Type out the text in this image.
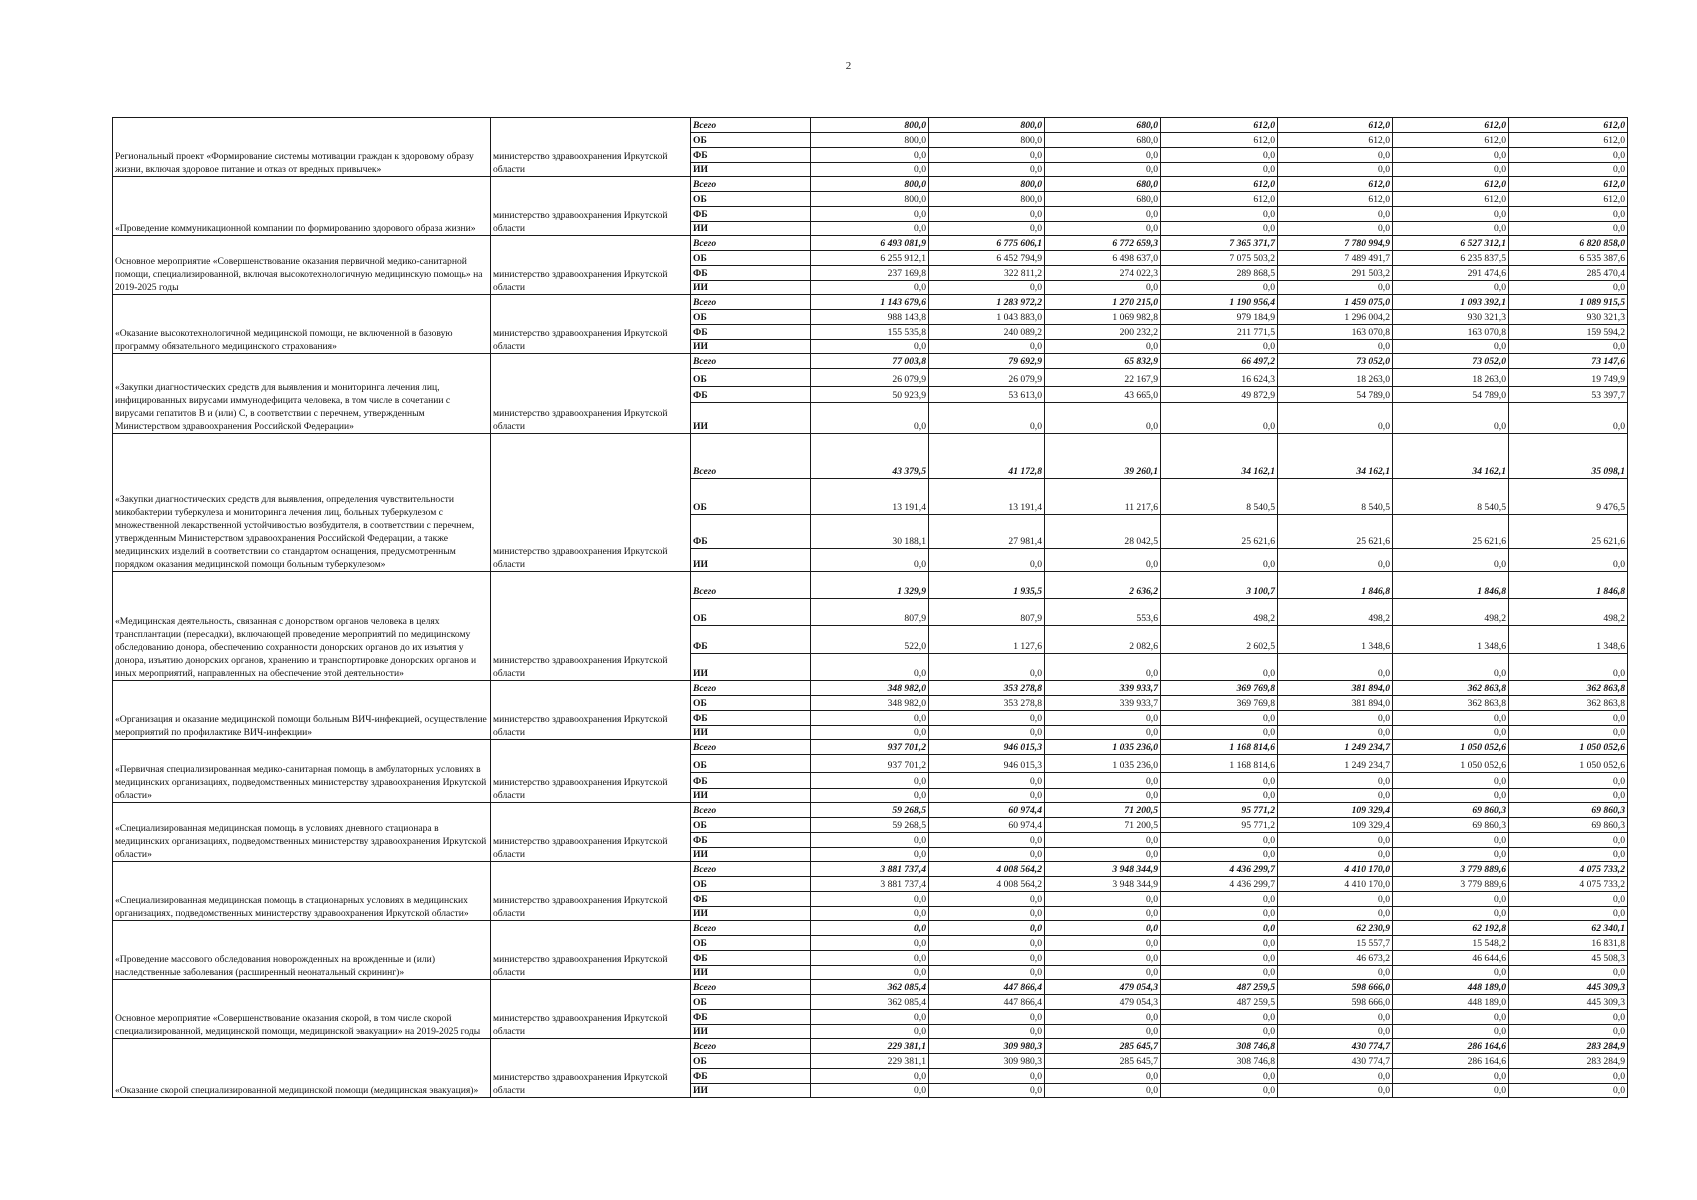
2
Региональный проект «Формирование системы мотивации граждан к здоровому образу жизни, включая здоровое питание и отказ от вредных привычек»	министерство здравоохранения Иркутской области	Всего	800,0	800,0	680,0	612,0	612,0	612,0	612,0
		ОБ	800,0	800,0	680,0	612,0	612,0	612,0	612,0
		ФБ	0,0	0,0	0,0	0,0	0,0	0,0	0,0
		ИИ	0,0	0,0	0,0	0,0	0,0	0,0	0,0
«Проведение коммуникационной компании по формированию здорового образа жизни»	министерство здравоохранения Иркутской области	Всего	800,0	800,0	680,0	612,0	612,0	612,0	612,0
		ОБ	800,0	800,0	680,0	612,0	612,0	612,0	612,0
		ФБ	0,0	0,0	0,0	0,0	0,0	0,0	0,0
		ИИ	0,0	0,0	0,0	0,0	0,0	0,0	0,0
Основное мероприятие «Совершенствование оказания первичной медико-санитарной помощи, специализированной, включая высокотехнологичную медицинскую помощь» на 2019-2025 годы	министерство здравоохранения Иркутской области	Всего	6 493 081,9	6 775 606,1	6 772 659,3	7 365 371,7	7 780 994,9	6 527 312,1	6 820 858,0
		ОБ	6 255 912,1	6 452 794,9	6 498 637,0	7 075 503,2	7 489 491,7	6 235 837,5	6 535 387,6
		ФБ	237 169,8	322 811,2	274 022,3	289 868,5	291 503,2	291 474,6	285 470,4
		ИИ	0,0	0,0	0,0	0,0	0,0	0,0	0,0
«Оказание высокотехнологичной медицинской помощи, не включенной в базовую программу обязательного медицинского страхования»	министерство здравоохранения Иркутской области	Всего	1 143 679,6	1 283 972,2	1 270 215,0	1 190 956,4	1 459 075,0	1 093 392,1	1 089 915,5
		ОБ	988 143,8	1 043 883,0	1 069 982,8	979 184,9	1 296 004,2	930 321,3	930 321,3
		ФБ	155 535,8	240 089,2	200 232,2	211 771,5	163 070,8	163 070,8	159 594,2
		ИИ	0,0	0,0	0,0	0,0	0,0	0,0	0,0
«Закупки диагностических средств для выявления и мониторинга лечения лиц, инфицированных вирусами иммунодефицита человека, в том числе в сочетании с вирусами гепатитов В и (или) С, в соответствии с перечнем, утвержденным Министерством здравоохранения Российской Федерации»	министерство здравоохранения Иркутской области	Всего	77 003,8	79 692,9	65 832,9	66 497,2	73 052,0	73 052,0	73 147,6
		ОБ	26 079,9	26 079,9	22 167,9	16 624,3	18 263,0	18 263,0	19 749,9
		ФБ	50 923,9	53 613,0	43 665,0	49 872,9	54 789,0	54 789,0	53 397,7
		ИИ	0,0	0,0	0,0	0,0	0,0	0,0	0,0
«Закупки диагностических средств для выявления, определения чувствительности микобактерии туберкулеза и мониторинга лечения лиц, больных туберкулезом с множественной лекарственной устойчивостью возбудителя, в соответствии с перечнем, утвержденным Министерством здравоохранения Российской Федерации, а также медицинских изделий в соответствии со стандартом оснащения, предусмотренным порядком оказания медицинской помощи больным туберкулезом»	министерство здравоохранения Иркутской области	Всего	43 379,5	41 172,8	39 260,1	34 162,1	34 162,1	34 162,1	35 098,1
		ОБ	13 191,4	13 191,4	11 217,6	8 540,5	8 540,5	8 540,5	9 476,5
		ФБ	30 188,1	27 981,4	28 042,5	25 621,6	25 621,6	25 621,6	25 621,6
		ИИ	0,0	0,0	0,0	0,0	0,0	0,0	0,0
«Медицинская деятельность, связанная с донорством органов человека в целях трансплантации (пересадки), включающей проведение мероприятий по медицинскому обследованию донора, обеспечению сохранности донорских органов до их изъятия у донора, изъятию донорских органов, хранению и транспортировке донорских органов и иных мероприятий, направленных на обеспечение этой деятельности»	министерство здравоохранения Иркутской области	Всего	1 329,9	1 935,5	2 636,2	3 100,7	1 846,8	1 846,8	1 846,8
		ОБ	807,9	807,9	553,6	498,2	498,2	498,2	498,2
		ФБ	522,0	1 127,6	2 082,6	2 602,5	1 348,6	1 348,6	1 348,6
		ИИ	0,0	0,0	0,0	0,0	0,0	0,0	0,0
«Организация и оказание медицинской помощи больным ВИЧ-инфекцией, осуществление мероприятий по профилактике ВИЧ-инфекции»	министерство здравоохранения Иркутской области	Всего	348 982,0	353 278,8	339 933,7	369 769,8	381 894,0	362 863,8	362 863,8
		ОБ	348 982,0	353 278,8	339 933,7	369 769,8	381 894,0	362 863,8	362 863,8
		ФБ	0,0	0,0	0,0	0,0	0,0	0,0	0,0
		ИИ	0,0	0,0	0,0	0,0	0,0	0,0	0,0
«Первичная специализированная медико-санитарная помощь в амбулаторных условиях в медицинских организациях, подведомственных министерству здравоохранения Иркутской области»	министерство здравоохранения Иркутской области	Всего	937 701,2	946 015,3	1 035 236,0	1 168 814,6	1 249 234,7	1 050 052,6	1 050 052,6
		ОБ	937 701,2	946 015,3	1 035 236,0	1 168 814,6	1 249 234,7	1 050 052,6	1 050 052,6
		ФБ	0,0	0,0	0,0	0,0	0,0	0,0	0,0
		ИИ	0,0	0,0	0,0	0,0	0,0	0,0	0,0
«Специализированная медицинская помощь в условиях дневного стационара в медицинских организациях, подведомственных министерству здравоохранения Иркутской области»	министерство здравоохранения Иркутской области	Всего	59 268,5	60 974,4	71 200,5	95 771,2	109 329,4	69 860,3	69 860,3
		ОБ	59 268,5	60 974,4	71 200,5	95 771,2	109 329,4	69 860,3	69 860,3
		ФБ	0,0	0,0	0,0	0,0	0,0	0,0	0,0
		ИИ	0,0	0,0	0,0	0,0	0,0	0,0	0,0
«Специализированная медицинская помощь в стационарных условиях в медицинских организациях, подведомственных министерству здравоохранения Иркутской области»	министерство здравоохранения Иркутской области	Всего	3 881 737,4	4 008 564,2	3 948 344,9	4 436 299,7	4 410 170,0	3 779 889,6	4 075 733,2
		ОБ	3 881 737,4	4 008 564,2	3 948 344,9	4 436 299,7	4 410 170,0	3 779 889,6	4 075 733,2
		ФБ	0,0	0,0	0,0	0,0	0,0	0,0	0,0
		ИИ	0,0	0,0	0,0	0,0	0,0	0,0	0,0
«Проведение массового обследования новорожденных на врожденные и (или) наследственные заболевания (расширенный неонатальный скрининг)»	министерство здравоохранения Иркутской области	Всего	0,0	0,0	0,0	0,0	62 230,9	62 192,8	62 340,1
		ОБ	0,0	0,0	0,0	0,0	15 557,7	15 548,2	16 831,8
		ФБ	0,0	0,0	0,0	0,0	46 673,2	46 644,6	45 508,3
		ИИ	0,0	0,0	0,0	0,0	0,0	0,0	0,0
Основное мероприятие «Совершенствование оказания скорой, в том числе скорой специализированной, медицинской помощи, медицинской эвакуации» на 2019-2025 годы	министерство здравоохранения Иркутской области	Всего	362 085,4	447 866,4	479 054,3	487 259,5	598 666,0	448 189,0	445 309,3
		ОБ	362 085,4	447 866,4	479 054,3	487 259,5	598 666,0	448 189,0	445 309,3
		ФБ	0,0	0,0	0,0	0,0	0,0	0,0	0,0
		ИИ	0,0	0,0	0,0	0,0	0,0	0,0	0,0
«Оказание скорой специализированной медицинской помощи (медицинская эвакуация)»	министерство здравоохранения Иркутской области	Всего	229 381,1	309 980,3	285 645,7	308 746,8	430 774,7	286 164,6	283 284,9
		ОБ	229 381,1	309 980,3	285 645,7	308 746,8	430 774,7	286 164,6	283 284,9
		ФБ	0,0	0,0	0,0	0,0	0,0	0,0	0,0
		ИИ	0,0	0,0	0,0	0,0	0,0	0,0	0,0
